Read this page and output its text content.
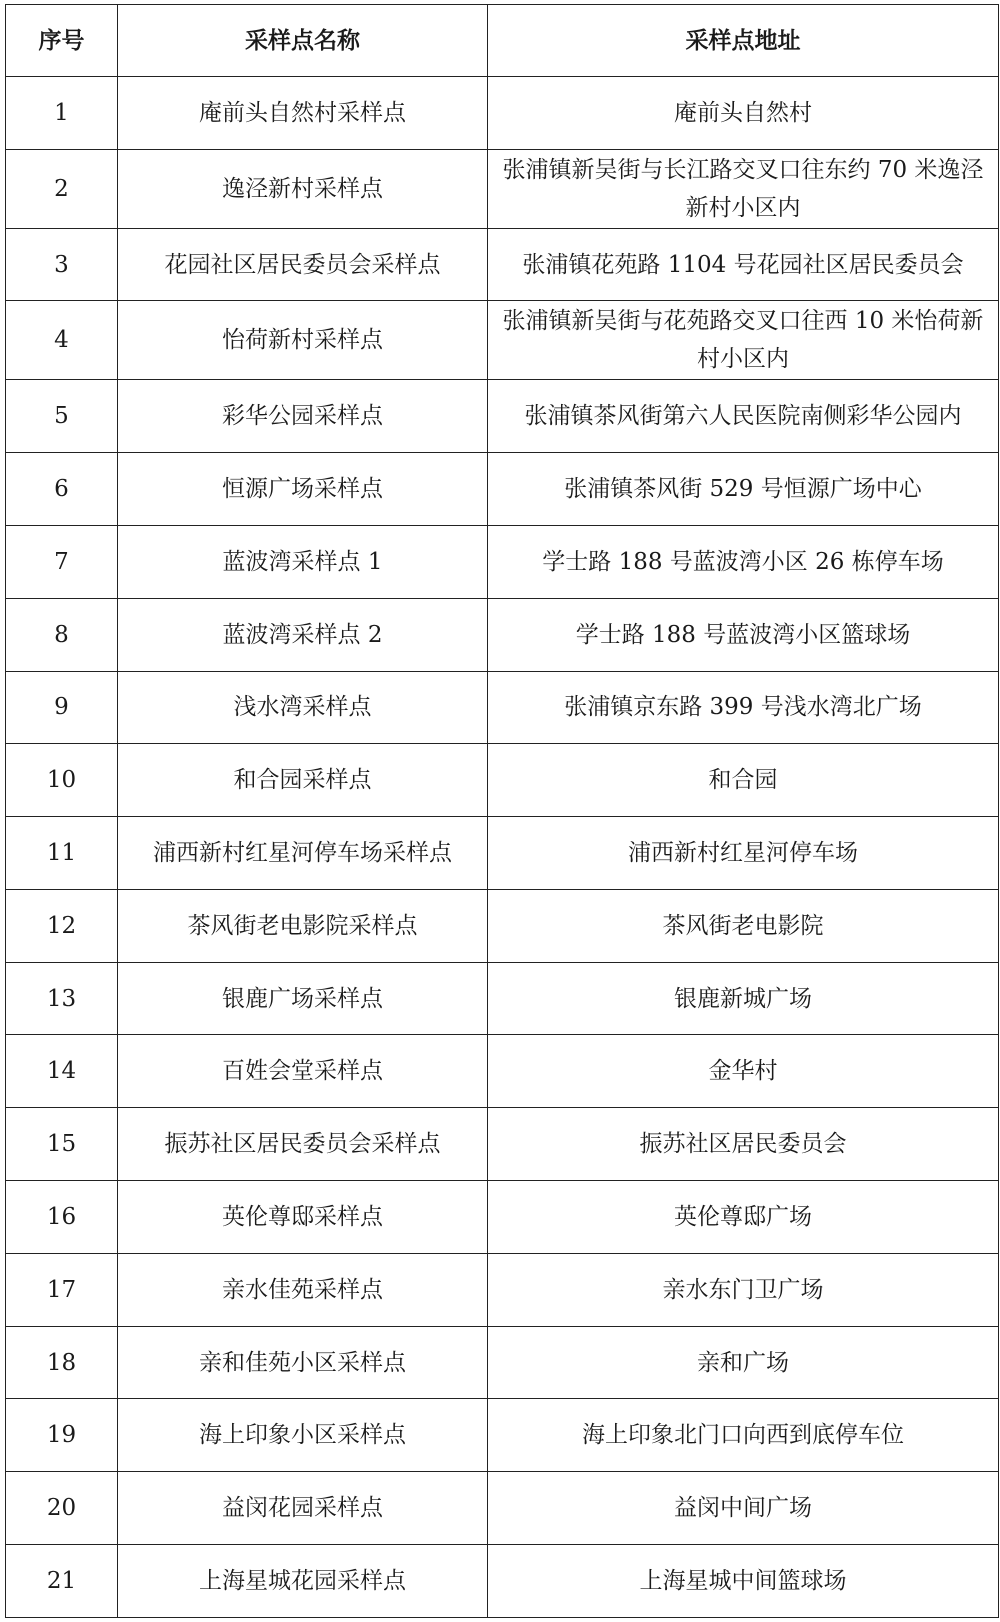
序号	采样点名称	采样点地址
1	庵前头自然村采样点	庵前头自然村
2	逸泾新村采样点	张浦镇新吴街与长江路交叉口往东约 70 米逸泾新村小区内
3	花园社区居民委员会采样点	张浦镇花苑路 1104 号花园社区居民委员会
4	怡荷新村采样点	张浦镇新吴街与花苑路交叉口往西 10 米怡荷新村小区内
5	彩华公园采样点	张浦镇茶风街第六人民医院南侧彩华公园内
6	恒源广场采样点	张浦镇茶风街 529 号恒源广场中心
7	蓝波湾采样点 1	学士路 188 号蓝波湾小区 26 栋停车场
8	蓝波湾采样点 2	学士路 188 号蓝波湾小区篮球场
9	浅水湾采样点	张浦镇京东路 399 号浅水湾北广场
10	和合园采样点	和合园
11	浦西新村红星河停车场采样点	浦西新村红星河停车场
12	茶风街老电影院采样点	茶风街老电影院
13	银鹿广场采样点	银鹿新城广场
14	百姓会堂采样点	金华村
15	振苏社区居民委员会采样点	振苏社区居民委员会
16	英伦尊邸采样点	英伦尊邸广场
17	亲水佳苑采样点	亲水东门卫广场
18	亲和佳苑小区采样点	亲和广场
19	海上印象小区采样点	海上印象北门口向西到底停车位
20	益闵花园采样点	益闵中间广场
21	上海星城花园采样点	上海星城中间篮球场
